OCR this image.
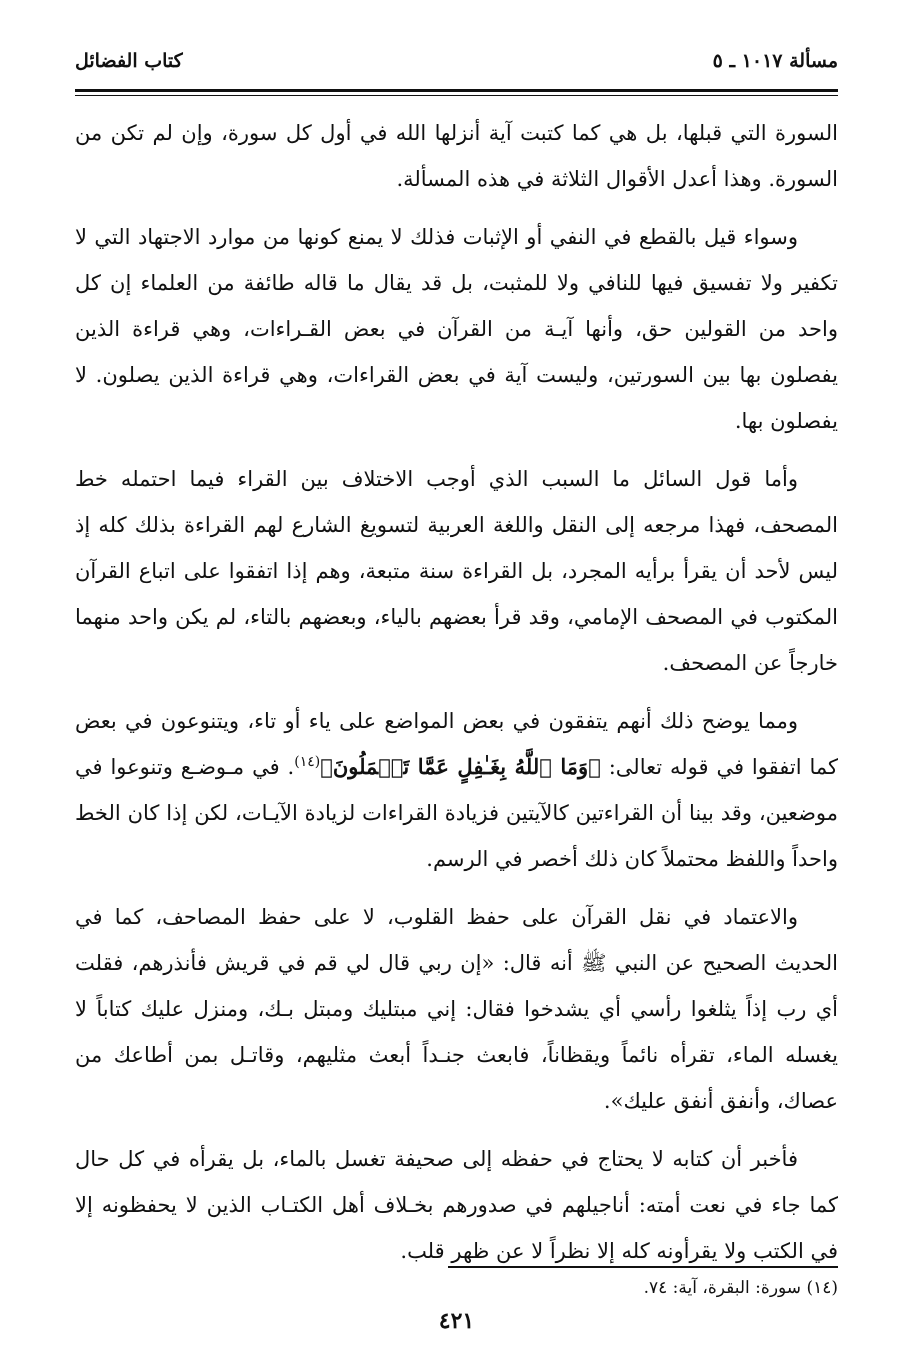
مسألة ١٠١٧ ـ ٥
كتاب الفضائل

السورة التي قبلها، بل هي كما كتبت آية أنزلها الله في أول كل سورة، وإن لم تكن من السورة. وهذا أعدل الأقوال الثلاثة في هذه المسألة.

وسواء قيل بالقطع في النفي أو الإثبات فذلك لا يمنع كونها من موارد الاجتهاد التي لا تكفير ولا تفسيق فيها للنافي ولا للمثبت، بل قد يقال ما قاله طائفة من العلماء إن كل واحد من القولين حق، وأنها آيـة من القرآن في بعض القـراءات، وهي قراءة الذين يفصلون بها بين السورتين، وليست آية في بعض القراءات، وهي قراءة الذين يصلون. لا يفصلون بها.

وأما قول السائل ما السبب الذي أوجب الاختلاف بين القراء فيما احتمله خط المصحف، فهذا مرجعه إلى النقل واللغة العربية لتسويغ الشارع لهم القراءة بذلك كله إذ ليس لأحد أن يقرأ برأيه المجرد، بل القراءة سنة متبعة، وهم إذا اتفقوا على اتباع القرآن المكتوب في المصحف الإمامي، وقد قرأ بعضهم بالياء، وبعضهم بالتاء، لم يكن واحد منهما خارجاً عن المصحف.

ومما يوضح ذلك أنهم يتفقون في بعض المواضع على ياء أو تاء، ويتنوعون في بعض كما اتفقوا في قوله تعالى: ﴿وَمَا ٱللَّهُ بِغَـٰفِلٍ عَمَّا تَعۡمَلُونَ﴾$^{(١٤)}$. في مـوضـع وتنوعوا في موضعين، وقد بينا أن القراءتين كالآيتين فزيادة القراءات لزيادة الآيـات، لكن إذا كان الخط واحداً واللفظ محتملاً كان ذلك أخصر في الرسم.

والاعتماد في نقل القرآن على حفظ القلوب، لا على حفظ المصاحف، كما في الحديث الصحيح عن النبي ﷺ أنه قال: «إن ربي قال لي قم في قريش فأنذرهم، فقلت أي رب إذاً يثلغوا رأسي أي يشدخوا فقال: إني مبتليك ومبتل بـك، ومنزل عليك كتاباً لا يغسله الماء، تقرأه نائماً ويقظاناً، فابعث جنـداً أبعث مثليهم، وقاتـل بمن أطاعك من عصاك، وأنفق أنفق عليك».

فأخبر أن كتابه لا يحتاج في حفظه إلى صحيفة تغسل بالماء، بل يقرأه في كل حال كما جاء في نعت أمته: أناجيلهم في صدورهم بخـلاف أهل الكتـاب الذين لا يحفظونه إلا في الكتب ولا يقرأونه كله إلا نظراً لا عن ظهر قلب.

(١٤) سورة: البقرة، آية: ٧٤.
٤٢١
